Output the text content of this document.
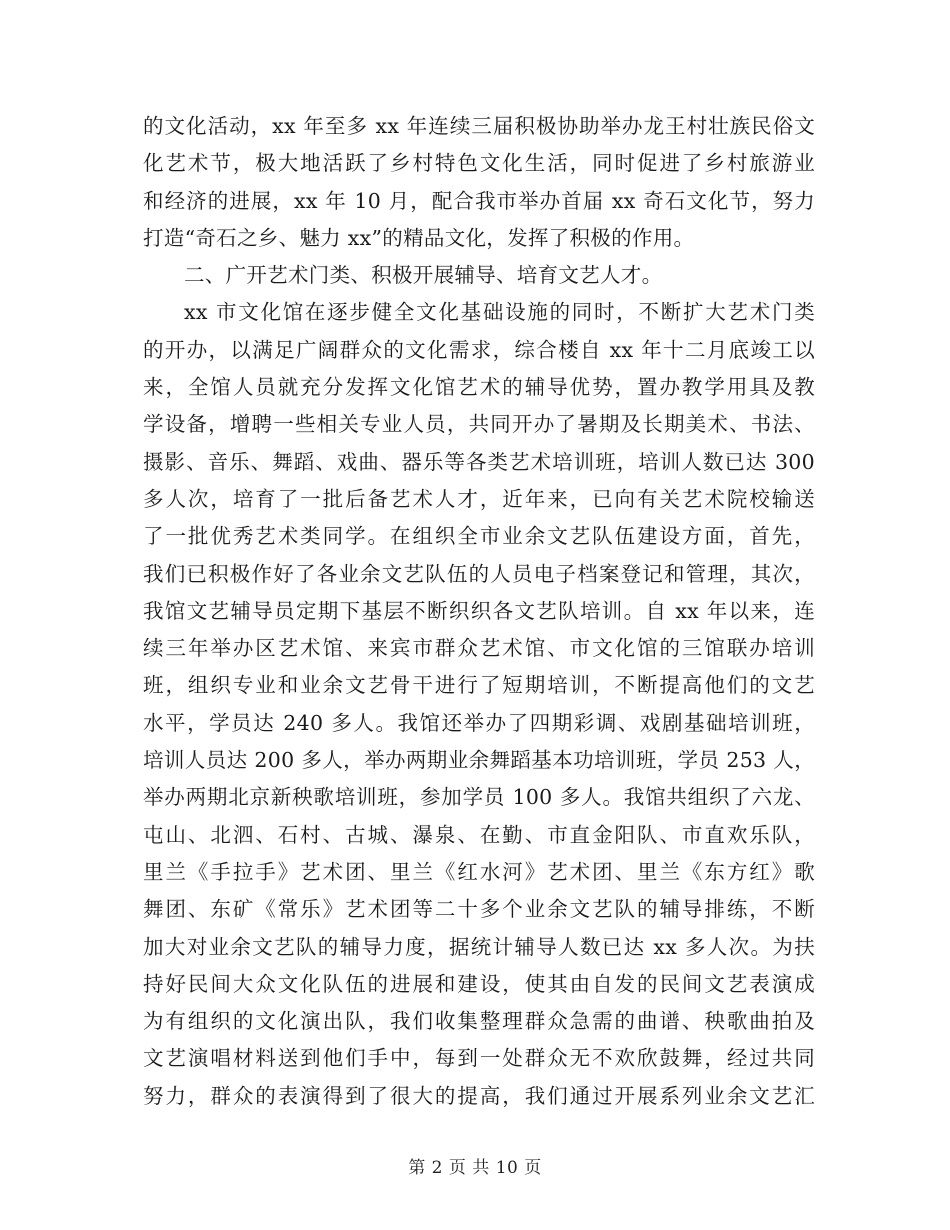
的文化活动，xx 年至多 xx 年连续三届积极协助举办龙王村壮族民俗文
化艺术节，极大地活跃了乡村特色文化生活，同时促进了乡村旅游业
和经济的进展，xx 年 10 月，配合我市举办首届 xx 奇石文化节，努力
打造“奇石之乡、魅力 xx”的精品文化，发挥了积极的作用。
二、广开艺术门类、积极开展辅导、培育文艺人才。
xx 市文化馆在逐步健全文化基础设施的同时，不断扩大艺术门类
的开办，以满足广阔群众的文化需求，综合楼自 xx 年十二月底竣工以
来，全馆人员就充分发挥文化馆艺术的辅导优势，置办教学用具及教
学设备，增聘一些相关专业人员，共同开办了暑期及长期美术、书法、
摄影、音乐、舞蹈、戏曲、器乐等各类艺术培训班，培训人数已达 300
多人次，培育了一批后备艺术人才，近年来，已向有关艺术院校输送
了一批优秀艺术类同学。在组织全市业余文艺队伍建设方面，首先，
我们已积极作好了各业余文艺队伍的人员电子档案登记和管理，其次，
我馆文艺辅导员定期下基层不断织织各文艺队培训。自 xx 年以来，连
续三年举办区艺术馆、来宾市群众艺术馆、市文化馆的三馆联办培训
班，组织专业和业余文艺骨干进行了短期培训，不断提高他们的文艺
水平，学员达 240 多人。我馆还举办了四期彩调、戏剧基础培训班，
培训人员达 200 多人，举办两期业余舞蹈基本功培训班，学员 253 人，
举办两期北京新秧歌培训班，参加学员 100 多人。我馆共组织了六龙、
屯山、北泗、石村、古城、瀑泉、在勤、市直金阳队、市直欢乐队，
里兰《手拉手》艺术团、里兰《红水河》艺术团、里兰《东方红》歌
舞团、东矿《常乐》艺术团等二十多个业余文艺队的辅导排练，不断
加大对业余文艺队的辅导力度，据统计辅导人数已达 xx 多人次。为扶
持好民间大众文化队伍的进展和建设，使其由自发的民间文艺表演成
为有组织的文化演出队，我们收集整理群众急需的曲谱、秧歌曲拍及
文艺演唱材料送到他们手中，每到一处群众无不欢欣鼓舞，经过共同
努力，群众的表演得到了很大的提高，我们通过开展系列业余文艺汇
第 2 页 共 10 页
